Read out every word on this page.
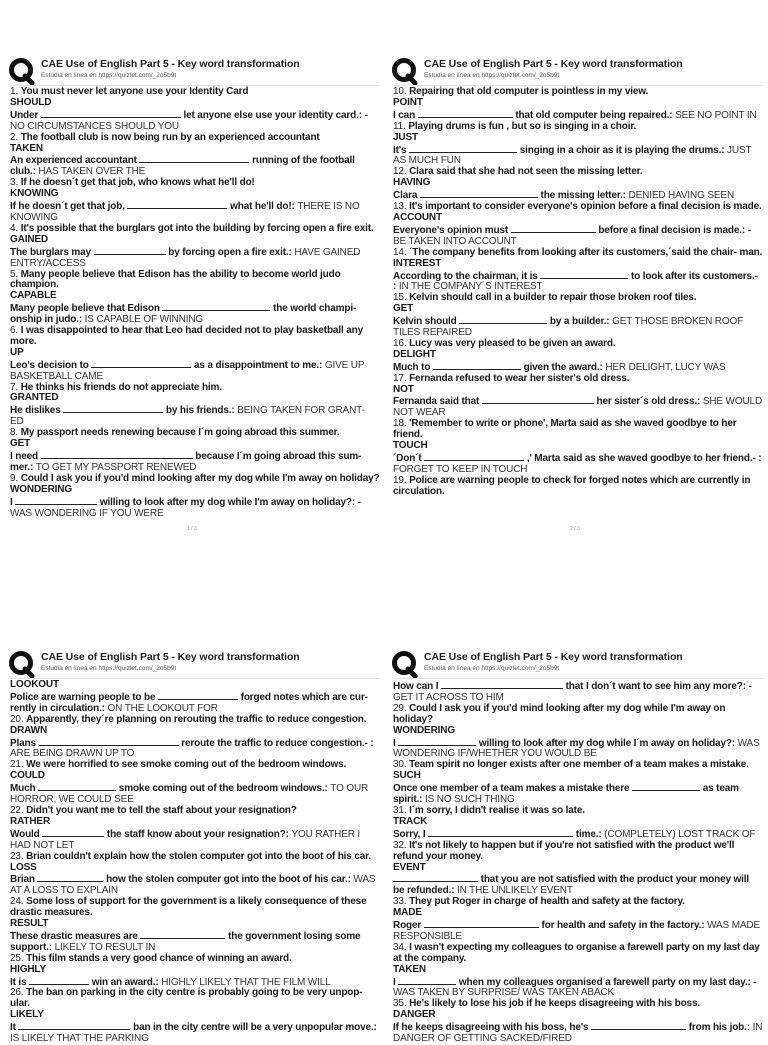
CAE Use of English Part 5 - Key word transformation
Estudia en línea en https://quizlet.com/_2o5b9t

1. You must never let anyone use your Identity Card

SHOULD

Under	let anyone else use your identity card.: - NO CIRCUMSTANCES SHOULD YOU

2. The football club is now being run by an experienced accountant

TAKEN

An experienced accountant	running of the football club.: HAS TAKEN OVER THE

3. If he doesn´t get that job, who knows what he'll do!

KNOWING

If he doesn´t get that job,	what he'll do!: THERE IS NO KNOWING

4. It's possible that the burglars got into the building by forcing open a fire exit.

GAINED

The burglars may	by forcing open a fire exit.: HAVE GAINED ENTRY/ACCESS

5. Many people believe that Edison has the ability to become world judo champion.

CAPABLE

Many people believe that Edison	the world champi- onship in judo.: IS CAPABLE OF WINNING

6. I was disappointed to hear that Leo had decided not to play basketball any more.

UP

Leo's decision to	as a disappointment to me.: GIVE UP BASKETBALL CAME

7. He thinks his friends do not appreciate him.

GRANTED

He dislikes	by his friends.: BEING TAKEN FOR GRANT- ED

8. My passport needs renewing because I´m going abroad this summer.

GET

I need	because I´m going abroad this sum- mer.: TO GET MY PASSPORT RENEWED

9. Could I ask you if you'd mind looking after my dog while I'm away on holiday?

WONDERING

I	willing to look after my dog while I'm away on holiday?: - WAS WONDERING IF YOU WERE

CAE Use of English Part 5 - Key word transformation
Estudia en línea en https://quizlet.com/_2o5b9t

10. Repairing that old computer is pointless in my view.

POINT

I can	that old computer being repaired.: SEE NO POINT IN

11. Playing drums is fun , but so is singing in a choir.

JUST

It's	singing in a choir as it is playing the drums.: JUST AS MUCH FUN

12. Clara said that she had not seen the missing letter.

HAVING

Clara	the missing letter.: DENIED HAVING SEEN

13. It's important to consider everyone's opinion before a final decision is made.

ACCOUNT

Everyone's opinion must	before a final decision is made.: - BE TAKEN INTO ACCOUNT

14. ´The company benefits from looking after its customers,´said the chair- man.

INTEREST

According to the chairman, it is	to look after its customers.- : IN THE COMPANY´S INTEREST

15. Kelvin should call in a builder to repair those broken roof tiles.

GET

Kelvin should	by a builder.: GET THOSE BROKEN ROOF TILES REPAIRED

16. Lucy was very pleased to be given an award.

DELIGHT

Much to	given the award.: HER DELIGHT, LUCY WAS

17. Fernanda refused to wear her sister's old dress.

NOT

Fernanda said that	her sister´s old dress.: SHE WOULD NOT WEAR

18. 'Remember to write or phone', Marta said as she waved goodbye to her friend.

TOUCH

´Don´t	,' Marta said as she waved goodbye to her friend.- : FORGET TO KEEP IN TOUCH

19. Police are warning people to check for forged notes which are currently in circulation.

1 / 3	2 / 3
CAE Use of English Part 5 - Key word transformation
Estudia en línea en https://quizlet.com/_2o5b9t

LOOKOUT

Police are warning people to be	forged notes which are cur- rently in circulation.: ON THE LOOKOUT FOR

20. Apparently, they´re planning on rerouting the traffic to reduce congestion.

DRAWN

Plans	reroute the traffic to reduce congestion.- : ARE BEING DRAWN UP TO

21. We were horrified to see smoke coming out of the bedroom windows.

COULD

Much	smoke coming out of the bedroom windows.: TO OUR HORROR, WE COULD SEE

22. Didn't you want me to tell the staff about your resignation?

RATHER

Would	the staff know about your resignation?: YOU RATHER I HAD NOT LET

23. Brian couldn't explain how the stolen computer got into the boot of his car.

LOSS

Brian	how the stolen computer got into the boot of his car.: WAS AT A LOSS TO EXPLAIN

24. Some loss of support for the government is a likely consequence of these drastic measures.

RESULT

These drastic measures are	the government losing some support.: LIKELY TO RESULT IN

25. This film stands a very good chance of winning an award.

HIGHLY

It is	win an award.: HIGHLY LIKELY THAT THE FILM WILL

26. The ban on parking in the city centre is probably going to be very unpop- ular.

LIKELY

It	ban in the city centre will be a very unpopular move.: IS LIKELY THAT THE PARKING

CAE Use of English Part 5 - Key word transformation
Estudia en línea en https://quizlet.com/_2o5b9t

How can I	that I don´t want to see him any more?: - GET IT ACROSS TO HIM

29. Could I ask you if you'd mind looking after my dog while I'm away on holiday?

WONDERING

I	willing to look after my dog while I´m away on holiday?: WAS WONDERING IF/WHETHER YOU WOULD BE

30. Team spirit no longer exists after one member of a team makes a mistake.

SUCH

Once one member of a team makes a mistake there	as team spirit.: IS NO SUCH THING

31. I´m sorry, I didn't realise it was so late.

TRACK

Sorry, I	time.: (COMPLETELY) LOST TRACK OF

32. It's not likely to happen but if you're not satisfied with the product we'll refund your money.

EVENT

that you are not satisfied with the product your money will be refunded.: IN THE UNLIKELY EVENT

33. They put Roger in charge of health and safety at the factory.

MADE

Roger	for health and safety in the factory.: WAS MADE RESPONSIBLE

34. I wasn't expecting my colleagues to organise a farewell party on my last day at the company.

TAKEN

I	when my colleagues organised a farewell party on my last day.: - WAS TAKEN BY SURPRISE/ WAS TAKEN ABACK

35. He's likely to lose his job if he keeps disagreeing with his boss.

DANGER

If he keeps disagreeing with his boss, he's	from his job.: IN DANGER OF GETTING SACKED/FIRED
